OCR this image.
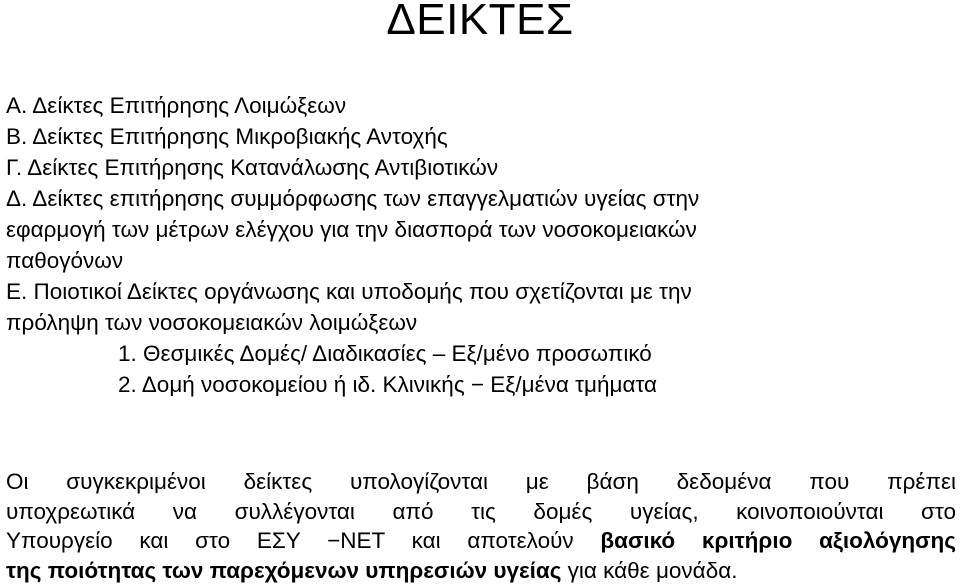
ΔΕΙΚΤΕΣ
Α. Δείκτες Επιτήρησης Λοιμώξεων
Β. Δείκτες Επιτήρησης Μικροβιακής Αντοχής
Γ. Δείκτες Επιτήρησης Κατανάλωσης Αντιβιοτικών
Δ. Δείκτες επιτήρησης συμμόρφωσης των επαγγελματιών υγείας στην
εφαρμογή των μέτρων ελέγχου για την διασπορά των νοσοκομειακών
παθογόνων
Ε. Ποιοτικοί Δείκτες οργάνωσης και υποδομής που σχετίζονται με την
πρόληψη των νοσοκομειακών λοιμώξεων
1. Θεσμικές Δομές/ Διαδικασίες – Εξ/μένο προσωπικό
2. Δομή νοσοκομείου ή ιδ. Κλινικής − Εξ/μένα τμήματα
Οι συγκεκριμένοι δείκτες υπολογίζονται με βάση δεδομένα που πρέπει
υποχρεωτικά να συλλέγονται από τις δομές υγείας, κοινοποιούνται στο
Υπουργείο και στο ΕΣΥ −ΝΕΤ και αποτελούν βασικό κριτήριο αξιολόγησης
της ποιότητας των παρεχόμενων υπηρεσιών υγείας για κάθε μονάδα.
